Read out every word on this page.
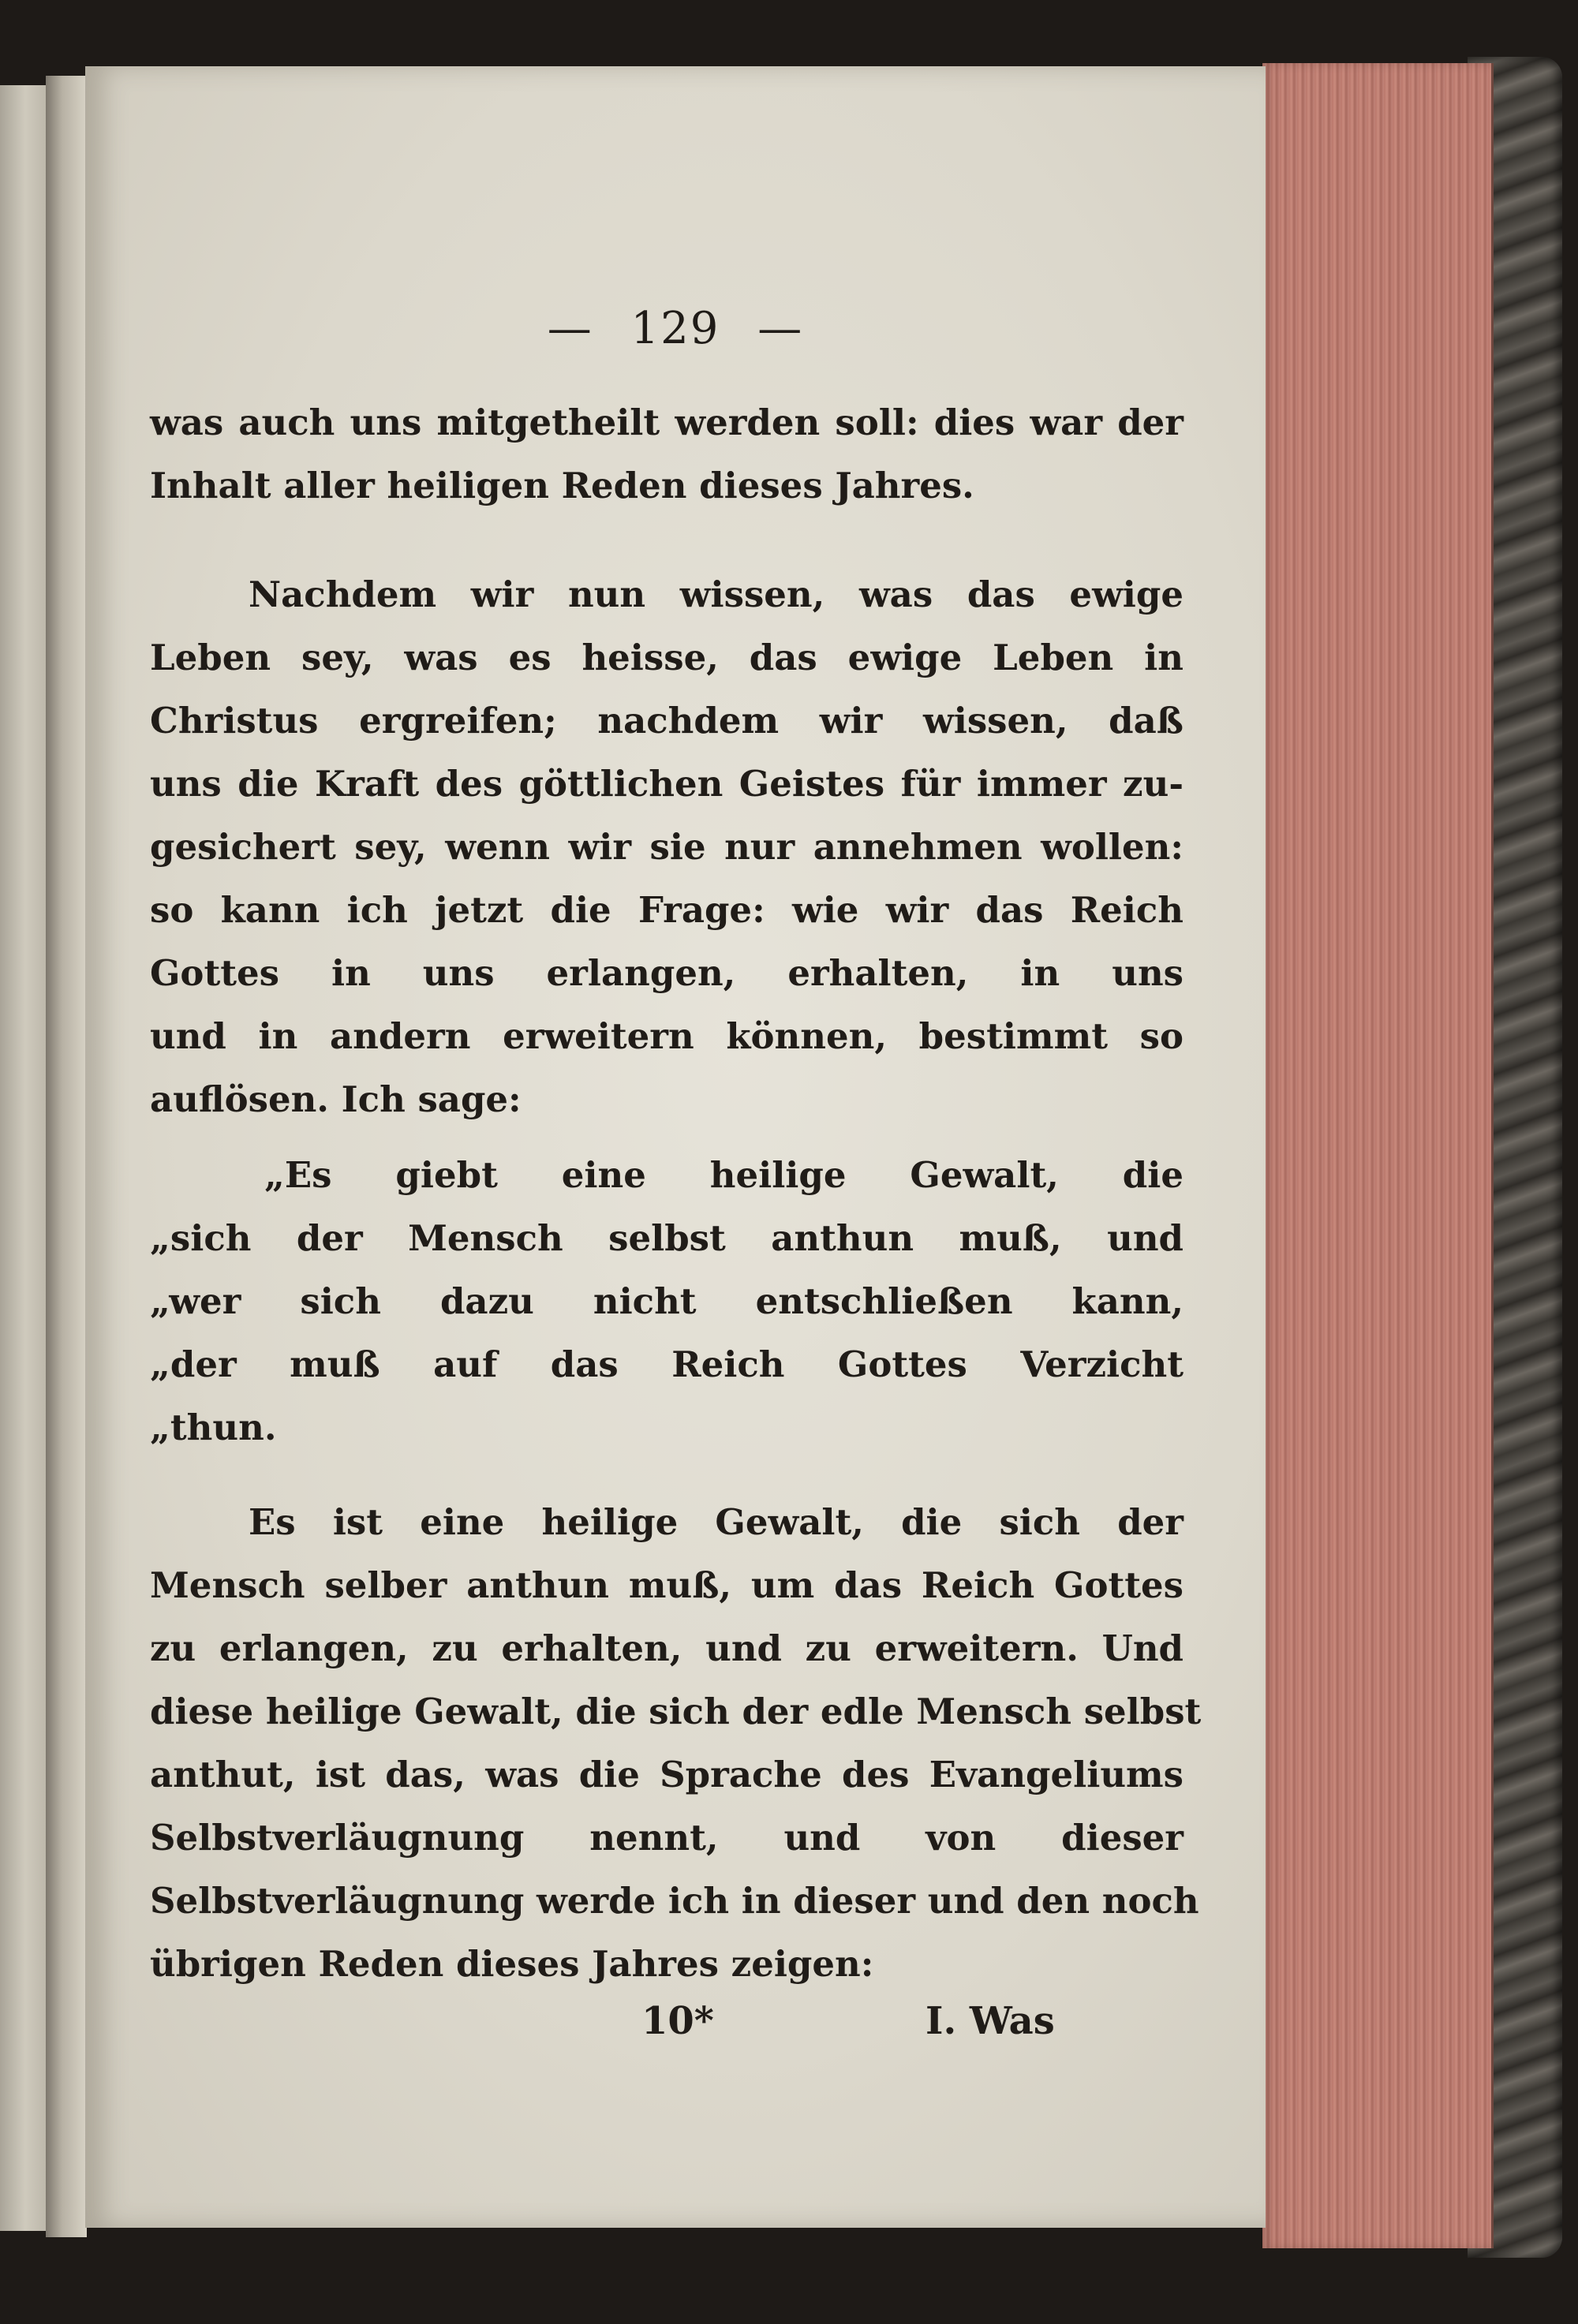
— 129 —
was auch uns mitgetheilt werden soll: dies war der
Inhalt aller heiligen Reden dieses Jahres.
Nachdem wir nun wissen, was das ewige
Leben sey, was es heisse, das ewige Leben in
Christus ergreifen; nachdem wir wissen, daß
uns die Kraft des göttlichen Geistes für immer zu-
gesichert sey, wenn wir sie nur annehmen wollen:
so kann ich jetzt die Frage: wie wir das Reich
Gottes in uns erlangen, erhalten, in uns
und in andern erweitern können, bestimmt so
auflösen. Ich sage:
„Es giebt eine heilige Gewalt, die
„sich der Mensch selbst anthun muß, und
„wer sich dazu nicht entschließen kann,
„der muß auf das Reich Gottes Verzicht
„thun.
Es ist eine heilige Gewalt, die sich der
Mensch selber anthun muß, um das Reich Gottes
zu erlangen, zu erhalten, und zu erweitern. Und
diese heilige Gewalt, die sich der edle Mensch selbst
anthut, ist das, was die Sprache des Evangeliums
Selbstverläugnung nennt, und von dieser
Selbstverläugnung werde ich in dieser und den noch
übrigen Reden dieses Jahres zeigen:
10*	I. Was
